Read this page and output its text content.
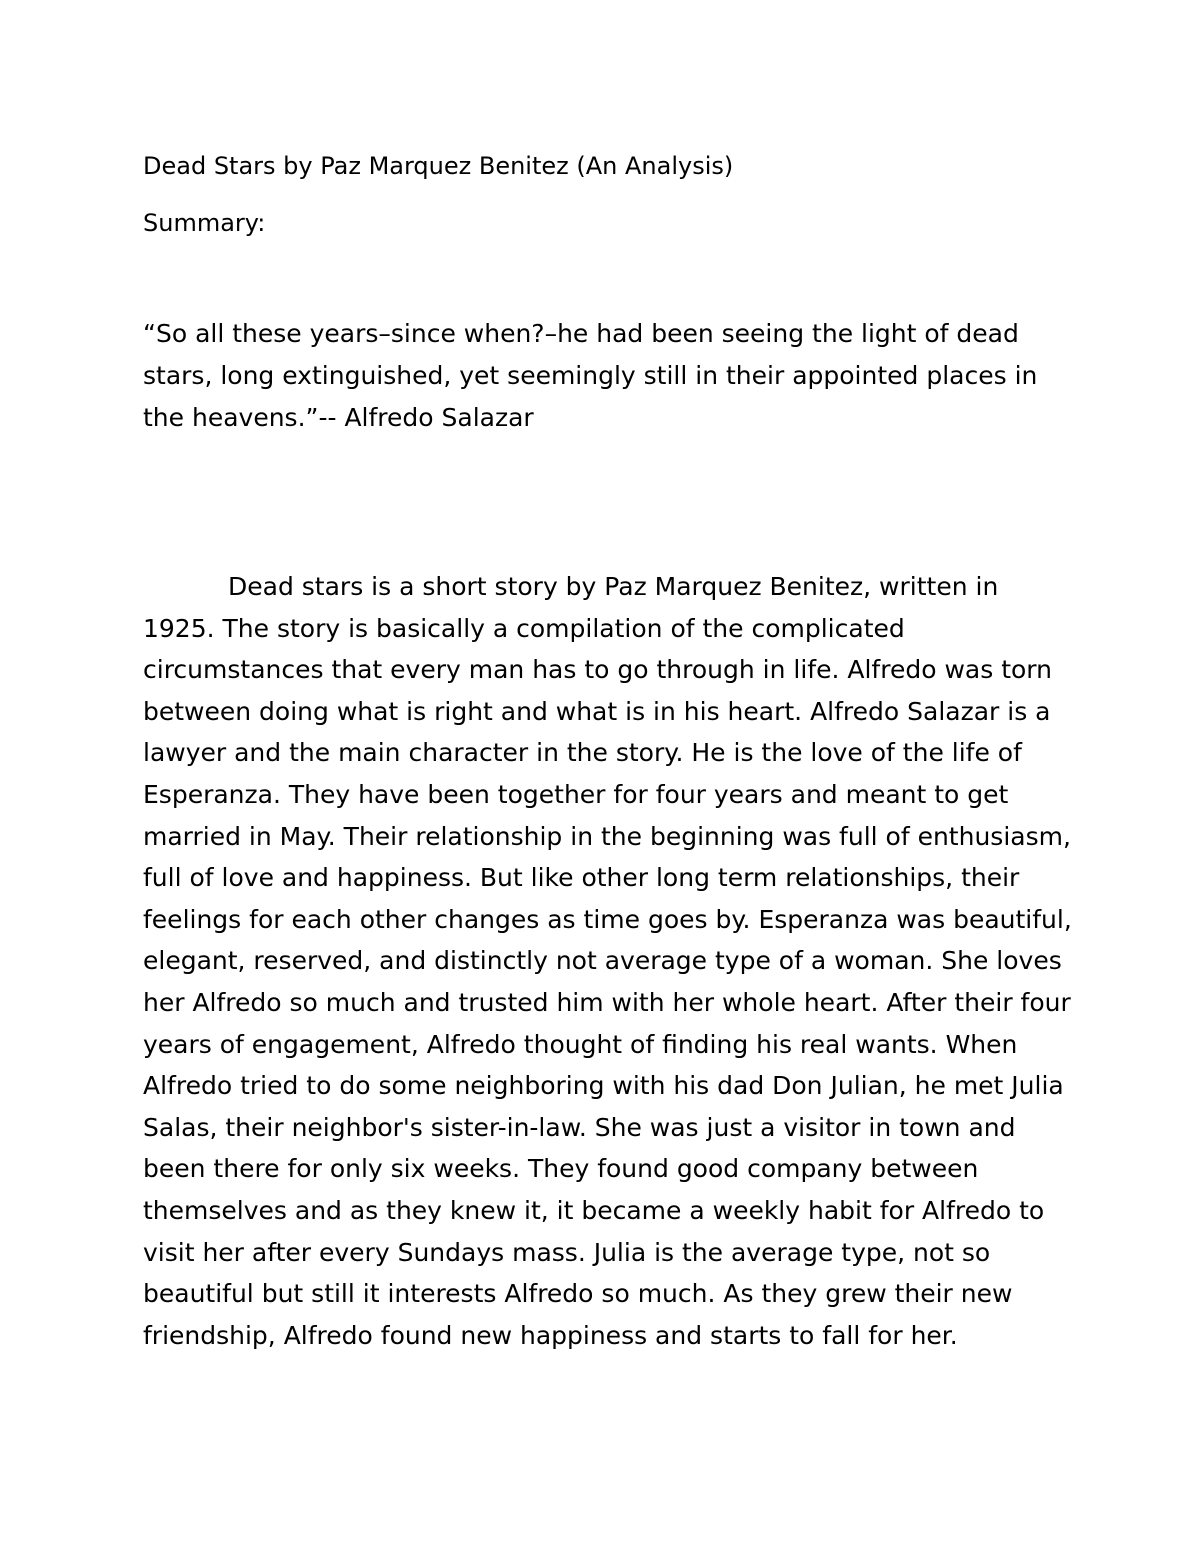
Dead Stars by Paz Marquez Benitez (An Analysis)
Summary:

“So all these years–since when?–he had been seeing the light of dead stars, long extinguished, yet seemingly still in their appointed places in the heavens.”-- Alfredo Salazar

Dead stars is a short story by Paz Marquez Benitez, written in 1925. The story is basically a compilation of the complicated circumstances that every man has to go through in life. Alfredo was torn between doing what is right and what is in his heart. Alfredo Salazar is a lawyer and the main character in the story. He is the love of the life of Esperanza. They have been together for four years and meant to get married in May. Their relationship in the beginning was full of enthusiasm, full of love and happiness. But like other long term relationships, their feelings for each other changes as time goes by. Esperanza was beautiful, elegant, reserved, and distinctly not average type of a woman. She loves her Alfredo so much and trusted him with her whole heart. After their four years of engagement, Alfredo thought of finding his real wants. When Alfredo tried to do some neighboring with his dad Don Julian, he met Julia Salas, their neighbor's sister-in-law. She was just a visitor in town and been there for only six weeks. They found good company between themselves and as they knew it, it became a weekly habit for Alfredo to visit her after every Sundays mass. Julia is the average type, not so beautiful but still it interests Alfredo so much. As they grew their new friendship, Alfredo found new happiness and starts to fall for her.
